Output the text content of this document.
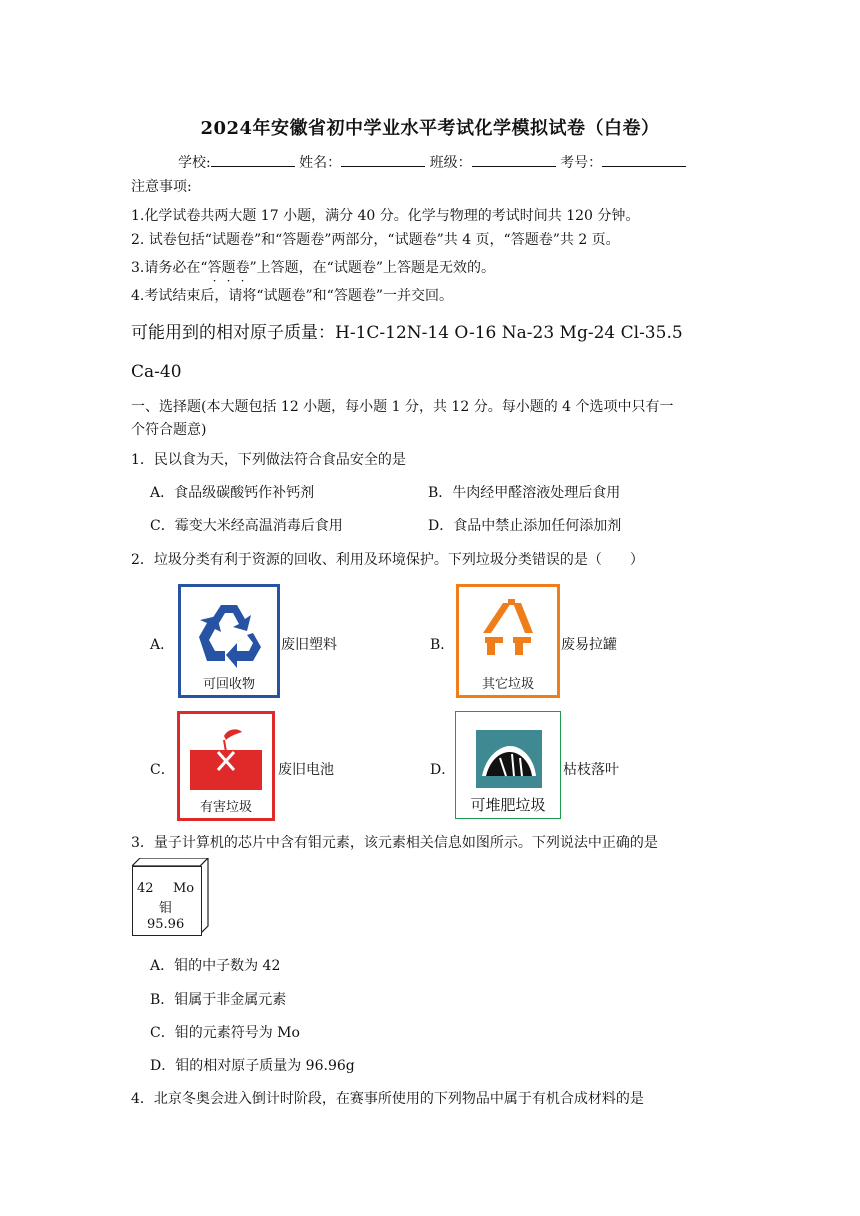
2024年安徽省初中学业水平考试化学模拟试卷（白卷）
学校:	姓名：	班级：	考号：
注意事项:
1.化学试卷共两大题 17 小题，满分 40 分。化学与物理的考试时间共 120 分钟。
2. 试卷包括“试题卷”和“答题卷”两部分，“试题卷”共 4 页，“答题卷”共 2 页。
3.请务必在“答题卷”上答题，在“试题卷”上答题是无效的。
4.考试结束后，请将“试题卷”和“答题卷”一并交回。
可能用到的相对原子质量：H-1C-12N-14 O-16 Na-23 Mg-24 Cl-35.5
Ca-40
一、选择题(本大题包括 12 小题，每小题 1 分，共 12 分。每小题的 4 个选项中只有一
个符合题意)
1．民以食为天，下列做法符合食品安全的是
A．食品级碳酸钙作补钙剂	B．牛肉经甲醛溶液处理后食用
C．霉变大米经高温消毒后食用	D．食品中禁止添加任何添加剂
2．垃圾分类有利于资源的回收、利用及环境保护。下列垃圾分类错误的是（　　）
A．
可回收物
废旧塑料	B．
其它垃圾
废易拉罐
C．
有害垃圾
废旧电池	D．
可堆肥垃圾
枯枝落叶
3．量子计算机的芯片中含有钼元素，该元素相关信息如图所示。下列说法中正确的是
42 Mo
钼
95.96
A．钼的中子数为 42
B．钼属于非金属元素
C．钼的元素符号为 Mo
D．钼的相对原子质量为 96.96g
4．北京冬奥会进入倒计时阶段，在赛事所使用的下列物品中属于有机合成材料的是
